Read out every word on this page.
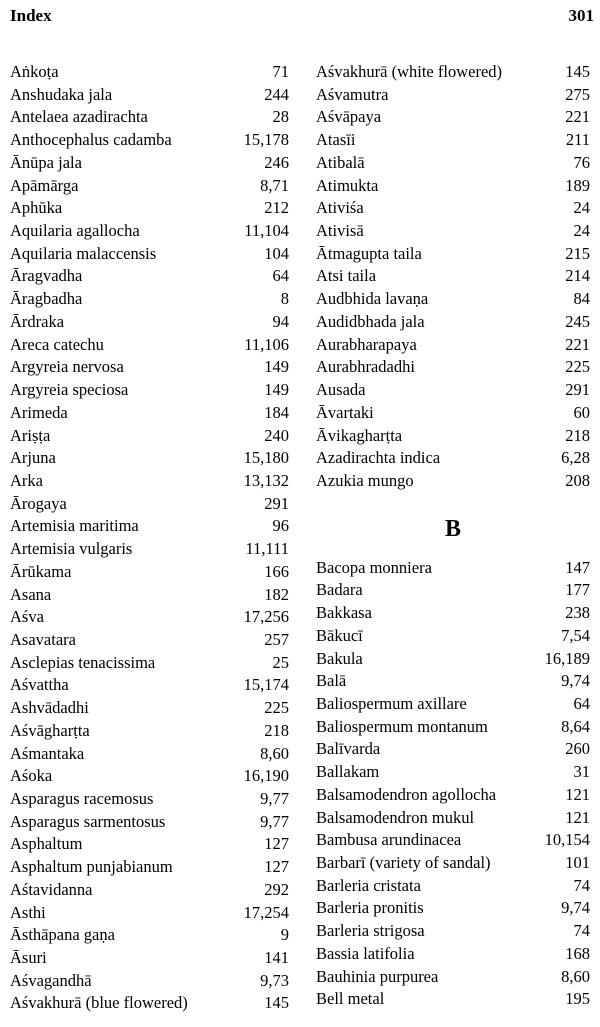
Index	301
Aṅkoṭa	71
Anshudaka jala	244
Antelaea azadirachta	28
Anthocephalus cadamba	15,178
Ānūpa jala	246
Apāmārga	8,71
Aphūka	212
Aquilaria agallocha	11,104
Aquilaria malaccensis	104
Āragvadha	64
Āragbadha	8
Ārdraka	94
Areca catechu	11,106
Argyreia nervosa	149
Argyreia speciosa	149
Arimeda	184
Ariṣṭa	240
Arjuna	15,180
Arka	13,132
Ārogaya	291
Artemisia maritima	96
Artemisia vulgaris	11,111
Ārūkama	166
Asana	182
Aśva	17,256
Asavatara	257
Asclepias tenacissima	25
Aśvattha	15,174
Ashvādadhi	225
Aśvāgharṭta	218
Aśmantaka	8,60
Aśoka	16,190
Asparagus racemosus	9,77
Asparagus sarmentosus	9,77
Asphaltum	127
Asphaltum punjabianum	127
Aśtavidanna	292
Asthi	17,254
Āsthāpana gaṇa	9
Āsuri	141
Aśvagandhā	9,73
Aśvakhurā (blue flowered)	145
Aśvakhurā (white flowered)	145
Aśvamutra	275
Aśvāpaya	221
Atasīi	211
Atibalā	76
Atimukta	189
Ativiśa	24
Ativisā	24
Ātmagupta taila	215
Atsi taila	214
Audbhida lavaṇa	84
Audidbhada jala	245
Aurabharapaya	221
Aurabhradadhi	225
Ausada	291
Āvartaki	60
Āvikagharṭta	218
Azadirachta indica	6,28
Azukia mungo	208
B
Bacopa monniera	147
Badara	177
Bakkasa	238
Bākucī	7,54
Bakula	16,189
Balā	9,74
Baliospermum axillare	64
Baliospermum montanum	8,64
Balīvarda	260
Ballakam	31
Balsamodendron agollocha	121
Balsamodendron mukul	121
Bambusa arundinacea	10,154
Barbarī (variety of sandal)	101
Barleria cristata	74
Barleria pronitis	9,74
Barleria strigosa	74
Bassia latifolia	168
Bauhinia purpurea	8,60
Bell metal	195
